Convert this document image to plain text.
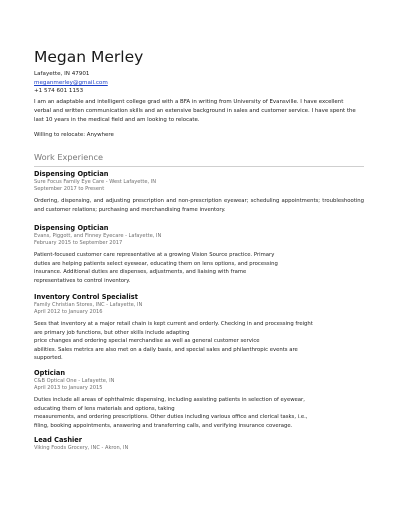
Megan Merley
Lafayette, IN 47901
meganmerley@gmail.com
+1 574 601 1153
I am an adaptable and intelligent college grad with a BFA in writing from University of Evansville. I have excellent verbal and written communication skills and an extensive background in sales and customer service. I have spent the last 10 years in the medical field and am looking to relocate.
Willing to relocate: Anywhere
Work Experience
Dispensing Optician
Sure Focus Family Eye Care - West Lafayette, IN
September 2017 to Present
Ordering, dispensing, and adjusting prescription and non-prescription eyewear; scheduling appointments; troubleshooting and customer relations; purchasing and merchandising frame inventory.
Dispensing Optician
Evans, Piggott, and Finney Eyecare - Lafayette, IN
February 2015 to September 2017
Patient-focused customer care representative at a growing Vision Source practice. Primary
duties are helping patients select eyewear, educating them on lens options, and processing
insurance. Additional duties are dispenses, adjustments, and liaising with frame
representatives to control inventory.
Inventory Control Specialist
Family Christian Stores, INC - Lafayette, IN
April 2012 to January 2016
Sees that inventory at a major retail chain is kept current and orderly. Checking in and processing freight
are primary job functions, but other skills include adapting
price changes and ordering special merchandise as well as general customer service
abilities. Sales metrics are also met on a daily basis, and special sales and philanthropic events are
supported.
Optician
C&B Optical One - Lafayette, IN
April 2013 to January 2015
Duties include all areas of ophthalmic dispensing, including assisting patients in selection of eyewear,
educating them of lens materials and options, taking
measurements, and ordering prescriptions. Other duties including various office and clerical tasks, i.e.,
filing, booking appointments, answering and transferring calls, and verifying insurance coverage.
Lead Cashier
Viking Foods Grocery, INC - Akron, IN
